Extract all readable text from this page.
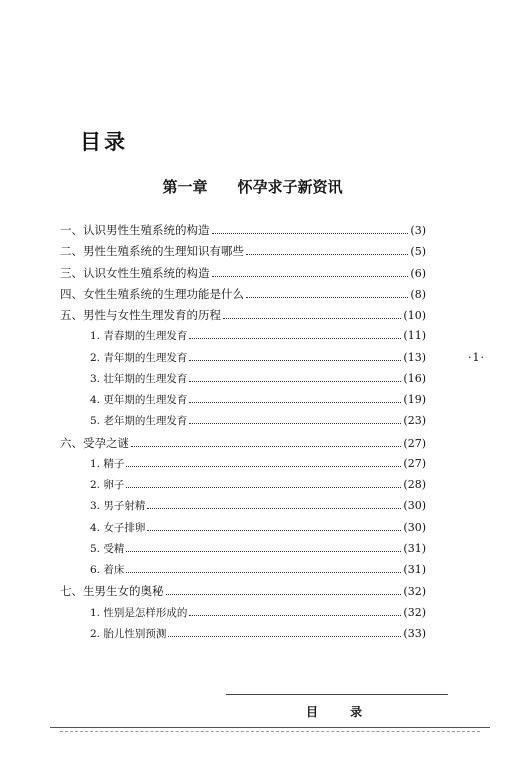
目录
第一章 怀孕求子新资讯
一、认识男性生殖系统的构造	(3)
二、男性生殖系统的生理知识有哪些	(5)
三、认识女性生殖系统的构造	(6)
四、女性生殖系统的生理功能是什么	(8)
五、男性与女性生理发育的历程	(10)
1. 青春期的生理发育	(11)
2. 青年期的生理发育	(13)
3. 壮年期的生理发育	(16)
4. 更年期的生理发育	(19)
5. 老年期的生理发育	(23)
六、受孕之谜	(27)
1. 精子	(27)
2. 卵子	(28)
3. 男子射精	(30)
4. 女子排卵	(30)
5. 受精	(31)
6. 着床	(31)
七、生男生女的奥秘	(32)
1. 性别是怎样形成的	(32)
2. 胎儿性别预测	(33)
·1·
目 录
